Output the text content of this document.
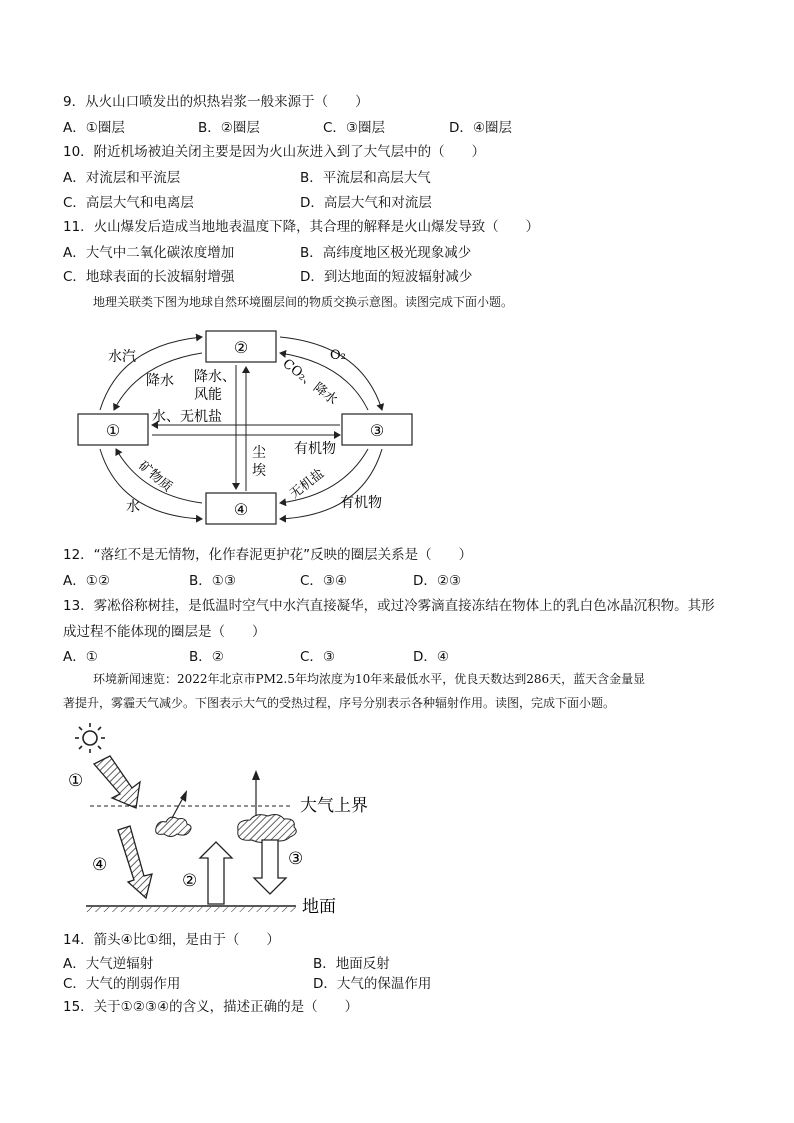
9．从火山口喷发出的炽热岩浆一般来源于（　　）
A．①圈层	B．②圈层	C．③圈层	D．④圈层
10．附近机场被迫关闭主要是因为火山灰进入到了大气层中的（　　）
A．对流层和平流层	B．平流层和高层大气
C．高层大气和电离层	D．高层大气和对流层
11．火山爆发后造成当地地表温度下降，其合理的解释是火山爆发导致（　　）
A．大气中二氧化碳浓度增加	B．高纬度地区极光现象减少
C．地球表面的长波辐射增强	D．到达地面的短波辐射减少
地理关联类下图为地球自然环境圈层间的物质交换示意图。读图完成下面小题。
②
①	③
④
水汽
降水 降水、
风能
O₂
CO₂、降水
水、无机盐
有机物
尘
埃
矿物质
水
无机盐
有机物
12．“落红不是无情物，化作春泥更护花”反映的圈层关系是（　　）
A．①②	B．①③	C．③④	D．②③
13．雾凇俗称树挂，是低温时空气中水汽直接凝华，或过冷雾滴直接冻结在物体上的乳白色冰晶沉积物。其形
成过程不能体现的圈层是（　　）
A．①	B．②	C．③	D．④
环境新闻速览：2022年北京市PM2.5年均浓度为10年来最低水平，优良天数达到286天，蓝天含金量显
著提升，雾霾天气减少。下图表示大气的受热过程，序号分别表示各种辐射作用。读图，完成下面小题。
①
大气上界
④
②
③
地面
14．箭头④比①细，是由于（　　）
A．大气逆辐射	B．地面反射
C．大气的削弱作用	D．大气的保温作用
15．关于①②③④的含义，描述正确的是（　　）
